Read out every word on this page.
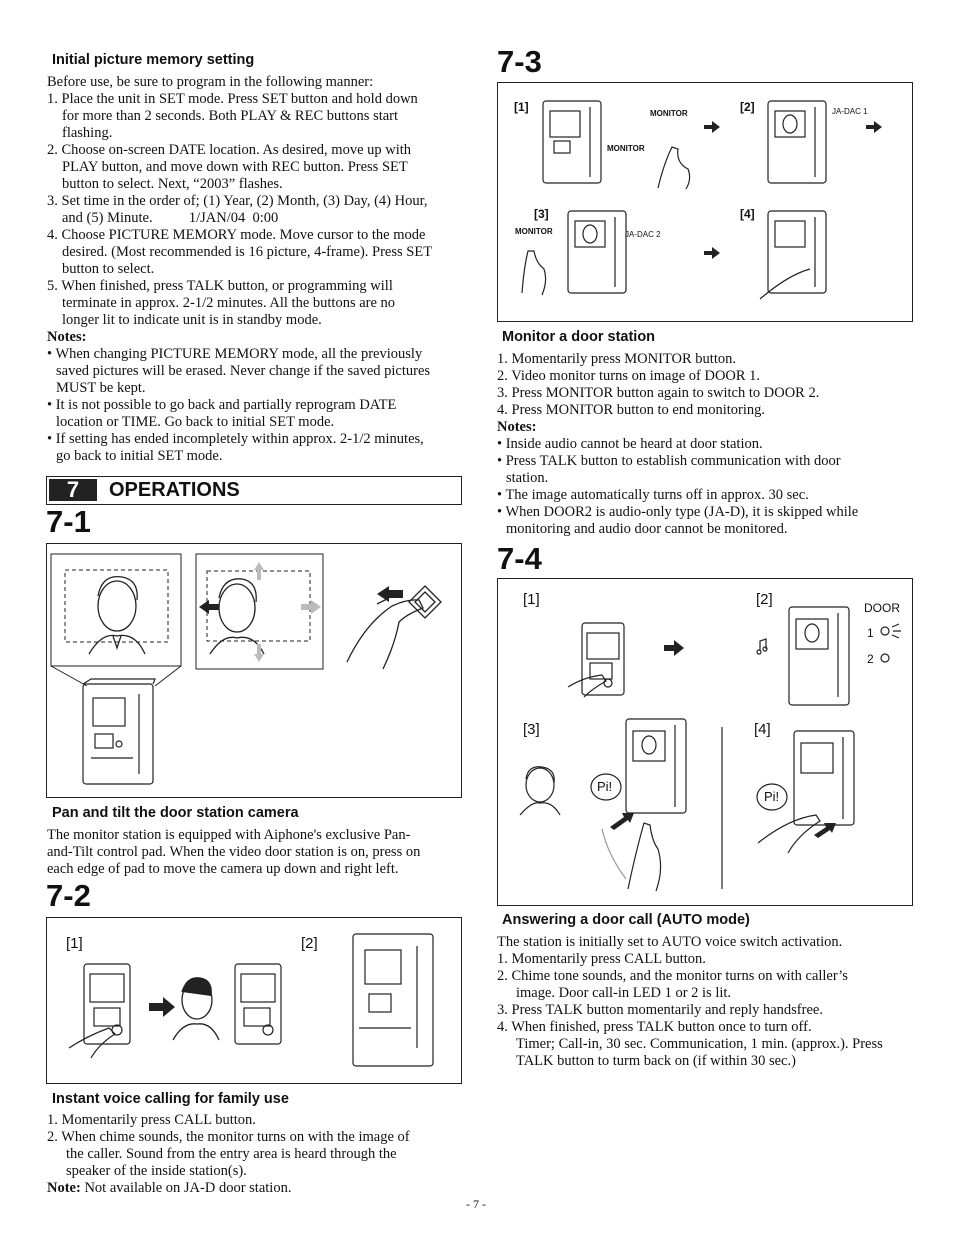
Initial picture memory setting
Before use, be sure to program in the following manner:
1. Place the unit in SET mode. Press SET button and hold down
for more than 2 seconds. Both PLAY & REC buttons start
flashing.
2. Choose on-screen DATE location. As desired, move up with
PLAY button, and move down with REC button. Press SET
button to select. Next, “2003” flashes.
3. Set time in the order of; (1) Year, (2) Month, (3) Day, (4) Hour,
and (5) Minute.          1/JAN/04  0:00
4. Choose PICTURE MEMORY mode. Move cursor to the mode
desired. (Most recommended is 16 picture, 4-frame). Press SET
button to select.
5. When finished, press TALK button, or programming will
terminate in approx. 2-1/2 minutes. All the buttons are no
longer lit to indicate unit is in standby mode.
Notes:
• When changing PICTURE MEMORY mode, all the previously
saved pictures will be erased. Never change if the saved pictures
MUST be kept.
• It is not possible to go back and partially reprogram DATE
location or TIME. Go back to initial SET mode.
• If setting has ended incompletely within approx. 2-1/2 minutes,
go back to initial SET mode.
7	OPERATIONS
7-1
Pan and tilt the door station camera
The monitor station is equipped with Aiphone's exclusive Pan-
and-Tilt control pad. When the video door station is on, press on
each edge of pad to move the camera up down and right left.
7-2
[1]	[2]
Instant voice calling for family use
1. Momentarily press CALL button.
2. When chime sounds, the monitor turns on with the image of
the caller. Sound from the entry area is heard through the
speaker of the inside station(s).
Note: Not available on JA-D door station.
7-3
[1]	[2]
[3]	[4]
MONITOR
MONITOR
JA-DAC 1
MONITOR	JA-DAC 2
Monitor a door station
1. Momentarily press MONITOR button.
2. Video monitor turns on image of DOOR 1.
3. Press MONITOR button again to switch to DOOR 2.
4. Press MONITOR button to end monitoring.
Notes:
• Inside audio cannot be heard at door station.
• Press TALK button to establish communication with door
station.
• The image automatically turns off in approx. 30 sec.
• When DOOR2 is audio-only type (JA-D), it is skipped while
monitoring and audio door cannot be monitored.
7-4
[1]	[2]
[3]	[4]
DOOR
1
2
Pi!
Pi!
Answering a door call (AUTO mode)
The station is initially set to AUTO voice switch activation.
1. Momentarily press CALL button.
2. Chime tone sounds, and the monitor turns on with caller’s
image. Door call-in LED 1 or 2 is lit.
3. Press TALK button momentarily and reply handsfree.
4. When finished, press TALK button once to turn off.
Timer; Call-in, 30 sec. Communication, 1 min. (approx.). Press
TALK button to turm back on (if within 30 sec.)
- 7 -
